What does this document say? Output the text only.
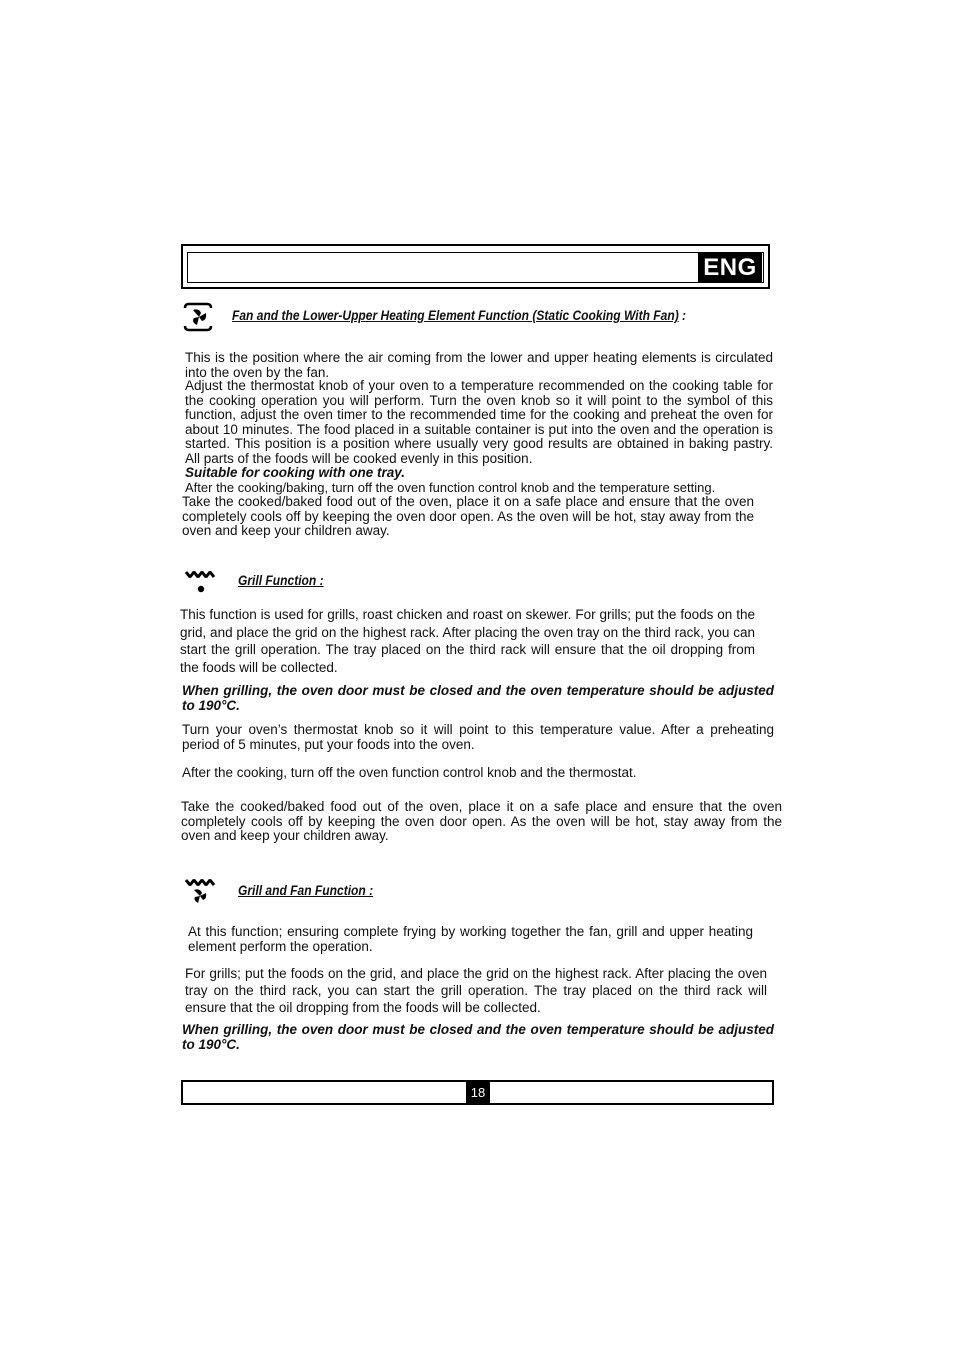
ENG

Fan and the Lower-Upper Heating Element Function (Static Cooking With Fan) :

This is the position where the air coming from the lower and upper heating elements is circulated into the oven by the fan.

Adjust the thermostat knob of your oven to a temperature recommended on the cooking table for the cooking operation you will perform. Turn the oven knob so it will point to the symbol of this function, adjust the oven timer to the recommended time for the cooking and preheat the oven for about 10 minutes. The food placed in a suitable container is put into the oven and the operation is started. This position is a position where usually very good results are obtained in baking pastry. All parts of the foods will be cooked evenly in this position.

Suitable for cooking with one tray.

After the cooking/baking, turn off the oven function control knob and the temperature setting.

Take the cooked/baked food out of the oven, place it on a safe place and ensure that the oven completely cools off by keeping the oven door open. As the oven will be hot, stay away from the oven and keep your children away.

Grill Function :

This function is used for grills, roast chicken and roast on skewer. For grills; put the foods on the grid, and place the grid on the highest rack. After placing the oven tray on the third rack, you can start the grill operation. The tray placed on the third rack will ensure that the oil dropping from the foods will be collected.

When grilling, the oven door must be closed and the oven temperature should be adjusted to 190°C.

Turn your oven’s thermostat knob so it will point to this temperature value. After a preheating period of 5 minutes, put your foods into the oven.

After the cooking, turn off the oven function control knob and the thermostat.

Take the cooked/baked food out of the oven, place it on a safe place and ensure that the oven completely cools off by keeping the oven door open. As the oven will be hot, stay away from the oven and keep your children away.

Grill and Fan Function :

At this function; ensuring complete frying by working together the fan, grill and upper heating element perform the operation.

For grills; put the foods on the grid, and place the grid on the highest rack. After placing the oven tray on the third rack, you can start the grill operation. The tray placed on the third rack will ensure that the oil dropping from the foods will be collected.

When grilling, the oven door must be closed and the oven temperature should be adjusted to 190°C.

18
